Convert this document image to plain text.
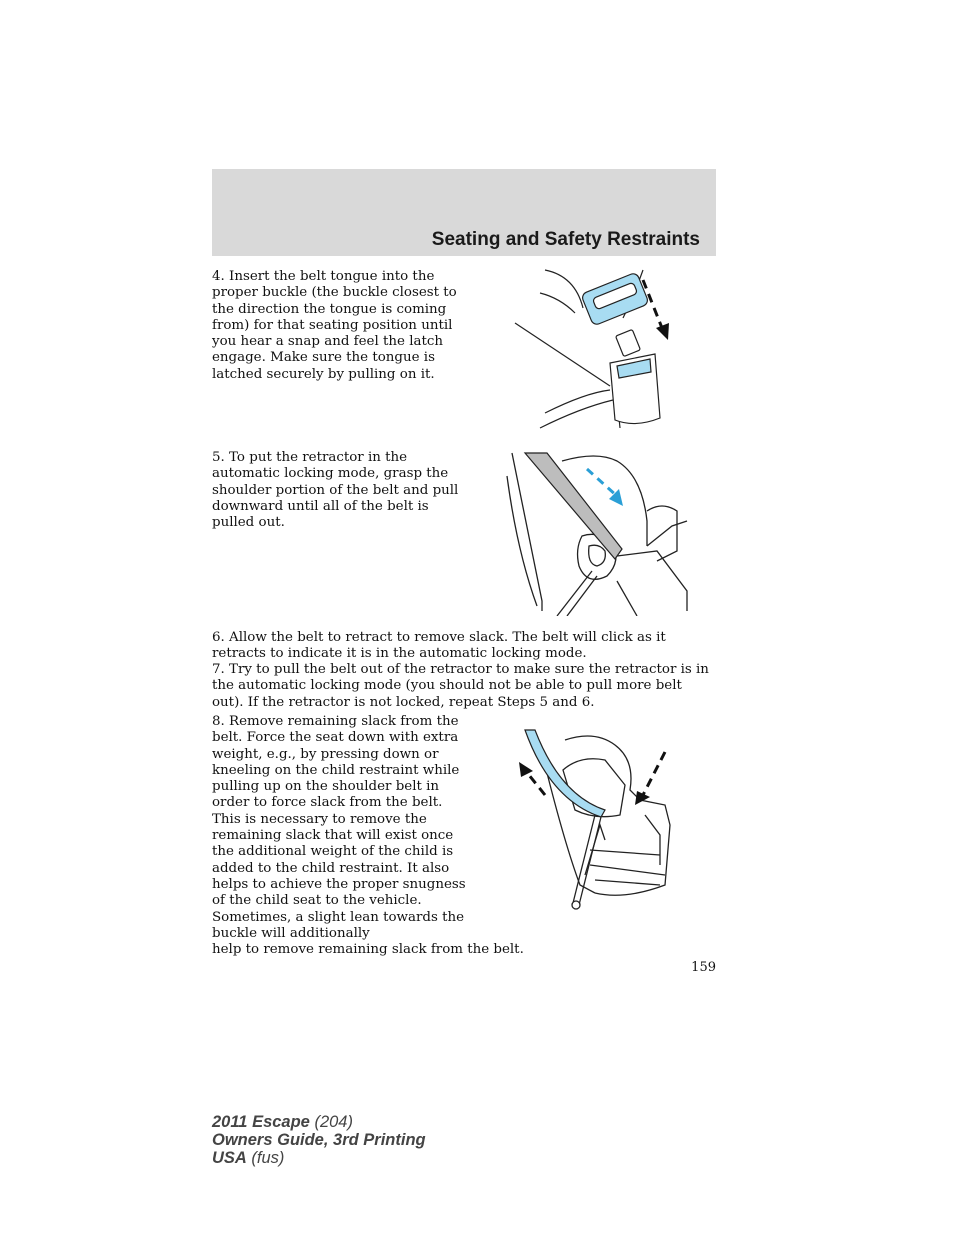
Seating and Safety Restraints

4. Insert the belt tongue into the proper buckle (the buckle closest to the direction the tongue is coming from) for that seating position until you hear a snap and feel the latch engage. Make sure the tongue is latched securely by pulling on it.

5. To put the retractor in the automatic locking mode, grasp the shoulder portion of the belt and pull downward until all of the belt is pulled out.

6. Allow the belt to retract to remove slack. The belt will click as it retracts to indicate it is in the automatic locking mode.

7. Try to pull the belt out of the retractor to make sure the retractor is in the automatic locking mode (you should not be able to pull more belt out). If the retractor is not locked, repeat Steps 5 and 6.

8. Remove remaining slack from the belt. Force the seat down with extra weight, e.g., by pressing down or kneeling on the child restraint while pulling up on the shoulder belt in order to force slack from the belt. This is necessary to remove the remaining slack that will exist once the additional weight of the child is added to the child restraint. It also helps to achieve the proper snugness of the child seat to the vehicle. Sometimes, a slight lean towards the buckle will additionally

help to remove remaining slack from the belt.

159
2011 Escape (204)
Owners Guide, 3rd Printing
USA (fus)
